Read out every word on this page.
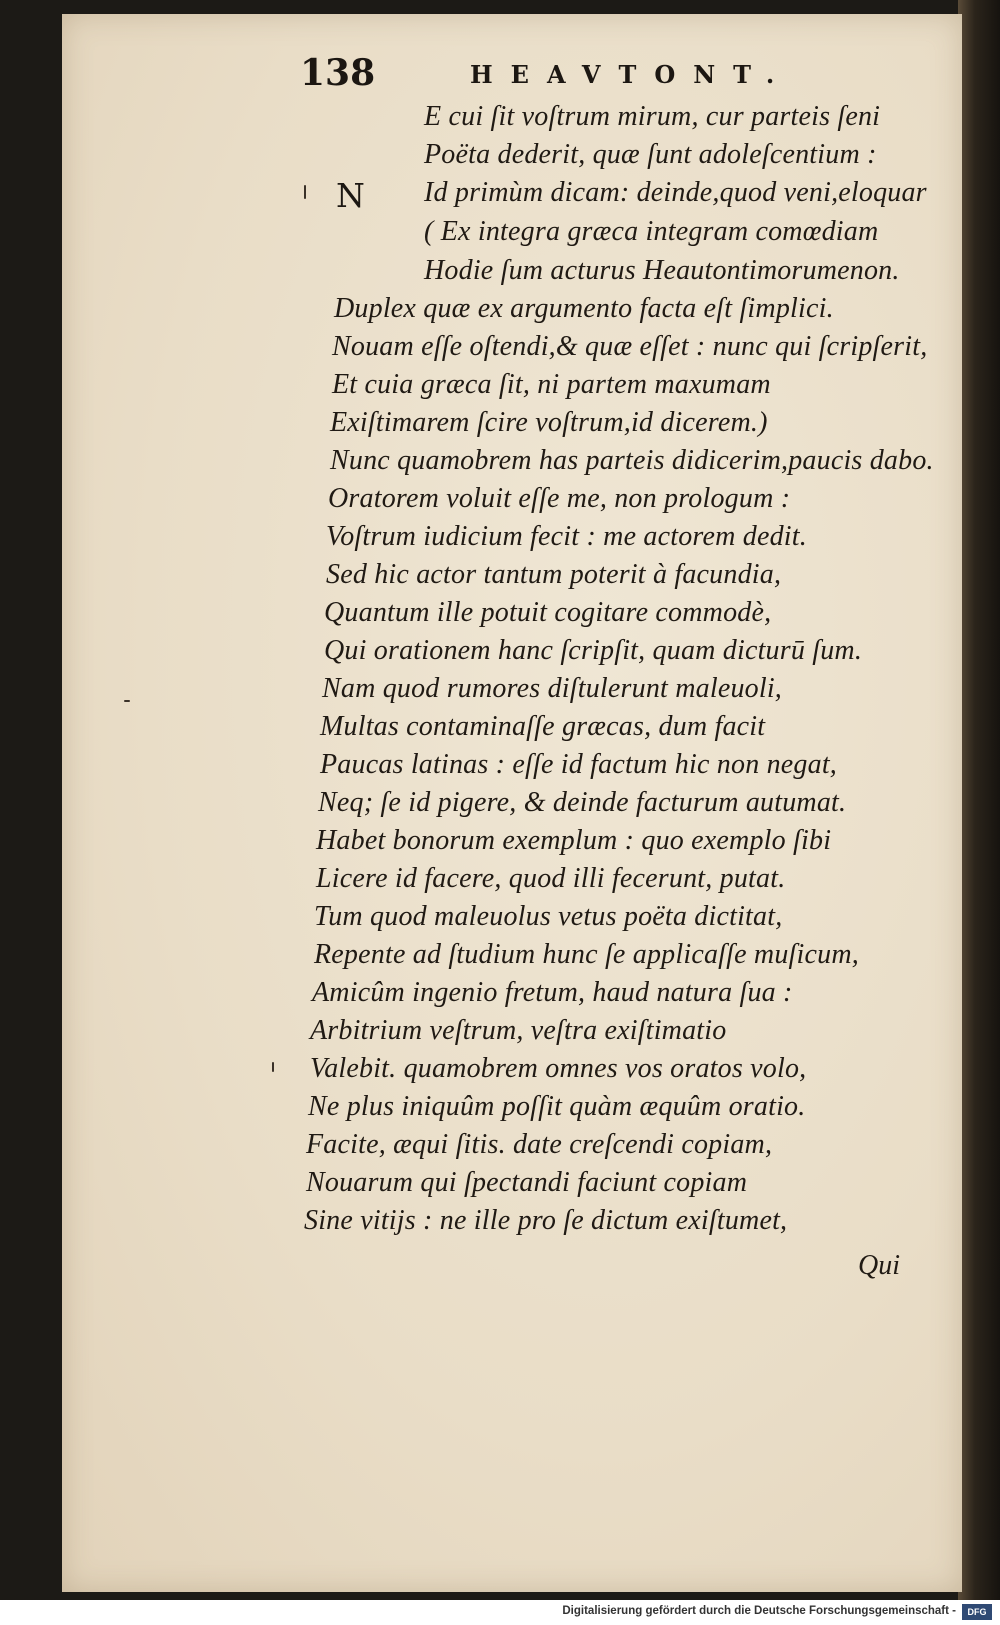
138	HEAVTONT.
N
E cui ſit voſtrum mirum, cur parteis ſeni
Poëta dederit, quæ ſunt adoleſcentium :
Id primùm dicam: deinde,quod veni,eloquar
( Ex integra græca integram comœdiam
Hodie ſum acturus Heautontimorumenon.
Duplex quæ ex argumento facta eſt ſimplici.
Nouam eſſe oſtendi,& quæ eſſet : nunc qui ſcripſerit,
Et cuia græca ſit, ni partem maxumam
Exiſtimarem ſcire voſtrum,id dicerem.)
Nunc quamobrem has parteis didicerim,paucis dabo.
Oratorem voluit eſſe me, non prologum :
Voſtrum iudicium fecit : me actorem dedit.
Sed hic actor tantum poterit à facundia,
Quantum ille potuit cogitare commodè,
Qui orationem hanc ſcripſit, quam dicturū ſum.
Nam quod rumores diſtulerunt maleuoli,
Multas contaminaſſe græcas, dum facit
Paucas latinas : eſſe id factum hic non negat,
Neq; ſe id pigere, & deinde facturum autumat.
Habet bonorum exemplum : quo exemplo ſibi
Licere id facere, quod illi fecerunt, putat.
Tum quod maleuolus vetus poëta dictitat,
Repente ad ſtudium hunc ſe applicaſſe muſicum,
Amicûm ingenio fretum, haud natura ſua :
Arbitrium veſtrum, veſtra exiſtimatio
Valebit. quamobrem omnes vos oratos volo,
Ne plus iniquûm poſſit quàm æquûm oratio.
Facite, æqui ſitis. date creſcendi copiam,
Nouarum qui ſpectandi faciunt copiam
Sine vitijs : ne ille pro ſe dictum exiſtumet,
Qui
Digitalisierung gefördert durch die Deutsche Forschungsgemeinschaft -	DFG
